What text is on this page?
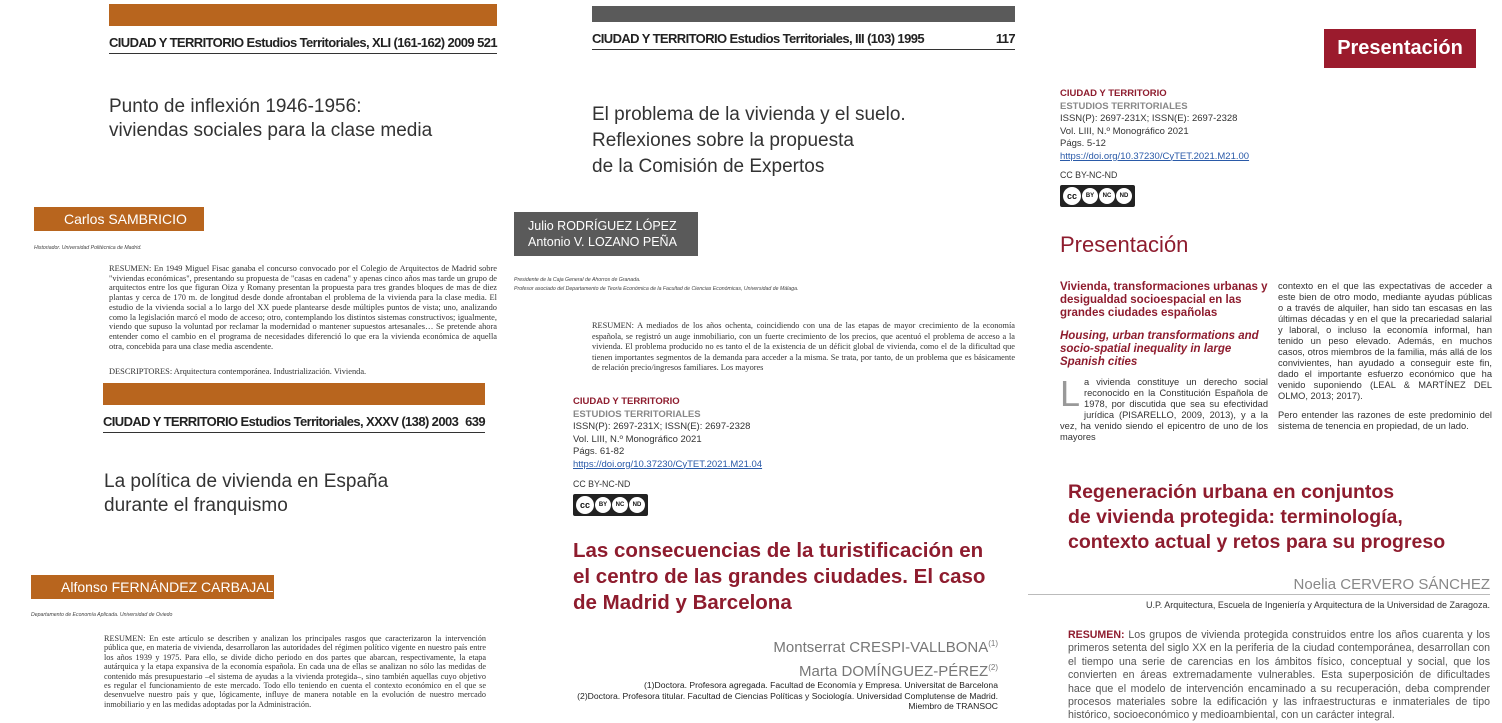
CIUDAD Y TERRITORIO Estudios Territoriales, XLI (161-162) 2009 521
Punto de inflexión 1946-1956:
viviendas sociales para la clase media
Carlos SAMBRICIO
Historiador. Universidad Politécnica de Madrid.

RESUMEN: En 1949 Miguel Fisac ganaba el concurso convocado por el Colegio de Arquitectos de Madrid sobre "viviendas económicas", presentando su propuesta de "casas en cadena" y apenas cinco años mas tarde un grupo de arquitectos entre los que figuran Oiza y Romany presentan la propuesta para tres grandes bloques de mas de diez plantas y cerca de 170 m. de longitud desde donde afrontaban el problema de la vivienda para la clase media. El estudio de la vivienda social a lo largo del XX puede plantearse desde múltiples puntos de vista; uno, analizando como la legislación marcó el modo de acceso; otro, contemplando los distintos sistemas constructivos; igualmente, viendo que supuso la voluntad por reclamar la modernidad o mantener supuestos artesanales… Se pretende ahora entender como el cambio en el programa de necesidades diferenció lo que era la vivienda económica de aquella otra, concebida para una clase media ascendente.

DESCRIPTORES: Arquitectura contemporánea. Industrialización. Vivienda.
CIUDAD Y TERRITORIO Estudios Territoriales, XXXV (138) 2003 639
La política de vivienda en España
durante el franquismo
Alfonso FERNÁNDEZ CARBAJAL
Departamento de Economía Aplicada. Universidad de Oviedo

RESUMEN: En este artículo se describen y analizan los principales rasgos que caracterizaron la intervención pública que, en materia de vivienda, desarrollaron las autoridades del régimen político vigente en nuestro país entre los años 1939 y 1975. Para ello, se divide dicho periodo en dos partes que abarcan, respectivamente, la etapa autárquica y la etapa expansiva de la economía española. En cada una de ellas se analizan no sólo las medidas de contenido más presupuestario –el sistema de ayudas a la vivienda protegida–, sino también aquellas cuyo objetivo es regular el funcionamiento de este mercado. Todo ello teniendo en cuenta el contexto económico en el que se desenvuelve nuestro país y que, lógicamente, influye de manera notable en la evolución de nuestro mercado inmobiliario y en las medidas adoptadas por la Administración.

CIUDAD Y TERRITORIO Estudios Territoriales, III (103) 1995	117
El problema de la vivienda y el suelo.
Reflexiones sobre la propuesta
de la Comisión de Expertos
Julio RODRÍGUEZ LÓPEZ
Antonio V. LOZANO PEÑA
Presidente de la Caja General de Ahorros de Granada.
Profesor asociado del Departamento de Teoría Económica de la Facultad de Ciencias Económicas, Universidad de Málaga.

RESUMEN: A mediados de los años ochenta, coincidiendo con una de las etapas de mayor crecimiento de la economía española, se registró un auge inmobiliario, con un fuerte crecimiento de los precios, que acentuó el problema de acceso a la vivienda. El problema producido no es tanto el de la existencia de un déficit global de vivienda, como el de la dificultad que tienen importantes segmentos de la demanda para acceder a la misma. Se trata, por tanto, de un problema que es básicamente de relación precio/ingresos familiares. Los mayores

CIUDAD Y TERRITORIO
ESTUDIOS TERRITORIALES
ISSN(P): 2697-231X; ISSN(E): 2697-2328
Vol. LIII, N.º Monográfico 2021
Págs. 61-82
https://doi.org/10.37230/CyTET.2021.M21.04
CC BY-NC-ND
cc	BY	NC	ND
Las consecuencias de la turistificación en
el centro de las grandes ciudades. El caso
de Madrid y Barcelona
Montserrat CRESPI-VALLBONA$^{(1)}$
Marta DOMÍNGUEZ-PÉREZ$^{(2)}$
(1)Doctora. Profesora agregada. Facultad de Economía y Empresa. Universitat de Barcelona
(2)Doctora. Profesora titular. Facultad de Ciencias Políticas y Sociología. Universidad Complutense de Madrid.
Miembro de TRANSOC
Presentación
CIUDAD Y TERRITORIO
ESTUDIOS TERRITORIALES
ISSN(P): 2697-231X; ISSN(E): 2697-2328
Vol. LIII, N.º Monográfico 2021
Págs. 5-12
https://doi.org/10.37230/CyTET.2021.M21.00
CC BY-NC-ND
cc	BY	NC	ND
Presentación
Vivienda, transformaciones urbanas y desigualdad socioespacial en las grandes ciudades españolas
Housing, urban transformations and socio-spatial inequality in large Spanish cities
L a vivienda constituye un derecho social reconocido en la Constitución Española de 1978, por discutida que sea su efectividad jurídica (PISARELLO, 2009, 2013), y a la vez, ha venido siendo el epicentro de uno de los mayores

contexto en el que las expectativas de acceder a este bien de otro modo, mediante ayudas públicas o a través de alquiler, han sido tan escasas en las últimas décadas y en el que la precariedad salarial y laboral, o incluso la economía informal, han tenido un peso elevado. Además, en muchos casos, otros miembros de la familia, más allá de los convivientes, han ayudado a conseguir este fin, dado el importante esfuerzo económico que ha venido suponiendo (LEAL & MARTÍNEZ DEL OLMO, 2013; 2017).

Pero entender las razones de este predominio del sistema de tenencia en propiedad, de un lado.

Regeneración urbana en conjuntos
de vivienda protegida: terminología,
contexto actual y retos para su progreso
Noelia CERVERO SÁNCHEZ
U.P. Arquitectura, Escuela de Ingeniería y Arquitectura de la Universidad de Zaragoza.

RESUMEN: Los grupos de vivienda protegida construidos entre los años cuarenta y los primeros setenta del siglo XX en la periferia de la ciudad contemporánea, desarrollan con el tiempo una serie de carencias en los ámbitos físico, conceptual y social, que los convierten en áreas extremadamente vulnerables. Esta superposición de dificultades hace que el modelo de intervención encaminado a su recuperación, deba comprender procesos materiales sobre la edificación y las infraestructuras e inmateriales de tipo histórico, socioeconómico y medioambiental, con un carácter integral.
